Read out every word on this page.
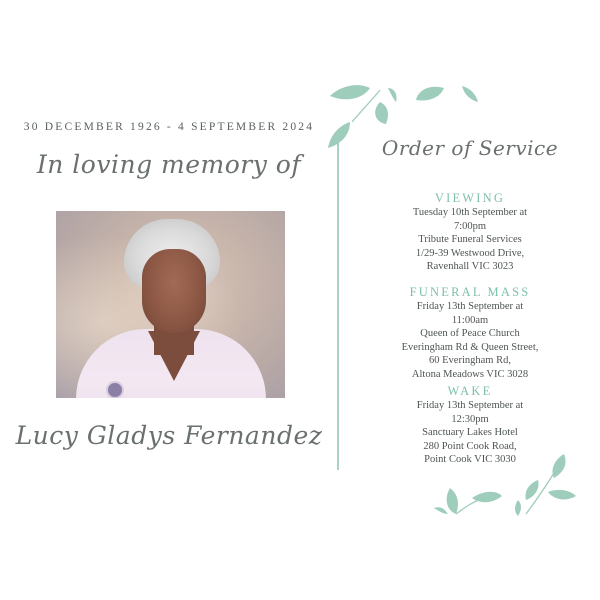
30 DECEMBER 1926 - 4 SEPTEMBER 2024
In loving memory of
Lucy Gladys Fernandez
Order of Service
VIEWING

Tuesday 10th September at

7:00pm

Tribute Funeral Services

1/29-39 Westwood Drive,

Ravenhall VIC 3023

FUNERAL MASS

Friday 13th September at

11:00am

Queen of Peace Church

Everingham Rd & Queen Street,

60 Everingham Rd,

Altona Meadows VIC 3028

WAKE

Friday 13th September at

12:30pm

Sanctuary Lakes Hotel

280 Point Cook Road,

Point Cook VIC 3030
